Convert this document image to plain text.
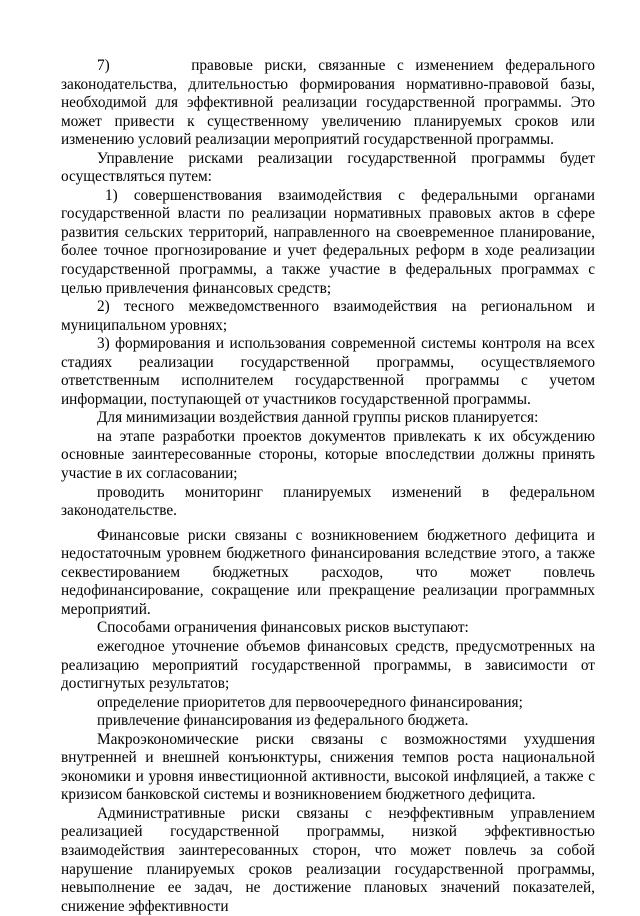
7)       правовые риски, связанные с изменением федерального законодательства, длительностью формирования нормативно-правовой базы, необходимой для эффективной реализации государственной программы. Это может привести к существенному увеличению планируемых сроков или изменению условий реализации мероприятий государственной программы.

Управление рисками реализации государственной программы будет осуществляться путем:

1) совершенствования взаимодействия с федеральными органами государственной власти по реализации нормативных правовых актов в сфере развития сельских территорий, направленного на своевременное планирование, более точное прогнозирование и учет федеральных реформ в ходе реализации государственной программы, а также участие в федеральных программах с целью привлечения финансовых средств;

2) тесного межведомственного взаимодействия на региональном и муниципальном уровнях;

3) формирования и использования современной системы контроля на всех стадиях реализации государственной программы, осуществляемого ответственным исполнителем государственной программы с учетом информации, поступающей от участников государственной программы.

Для минимизации воздействия данной группы рисков планируется:

на этапе разработки проектов документов привлекать к их обсуждению основные заинтересованные стороны, которые впоследствии должны принять участие в их согласовании;

проводить мониторинг планируемых изменений в федеральном законодательстве.

Финансовые риски связаны с возникновением бюджетного дефицита и недостаточным уровнем бюджетного финансирования вследствие этого, а также секвестированием бюджетных расходов, что может повлечь недофинансирование, сокращение или прекращение реализации программных мероприятий.

Способами ограничения финансовых рисков выступают:

ежегодное уточнение объемов финансовых средств, предусмотренных на реализацию мероприятий государственной программы, в зависимости от достигнутых результатов;

определение приоритетов для первоочередного финансирования;

привлечение финансирования из федерального бюджета.

Макроэкономические риски связаны с возможностями ухудшения внутренней и внешней конъюнктуры, снижения темпов роста национальной экономики и уровня инвестиционной активности, высокой инфляцией, а также с кризисом банковской системы и возникновением бюджетного дефицита.

Административные риски связаны с неэффективным управлением реализацией государственной программы, низкой эффективностью взаимодействия заинтересованных сторон, что может повлечь за собой нарушение планируемых сроков реализации государственной программы, невыполнение ее задач, не достижение плановых значений показателей, снижение эффективности
